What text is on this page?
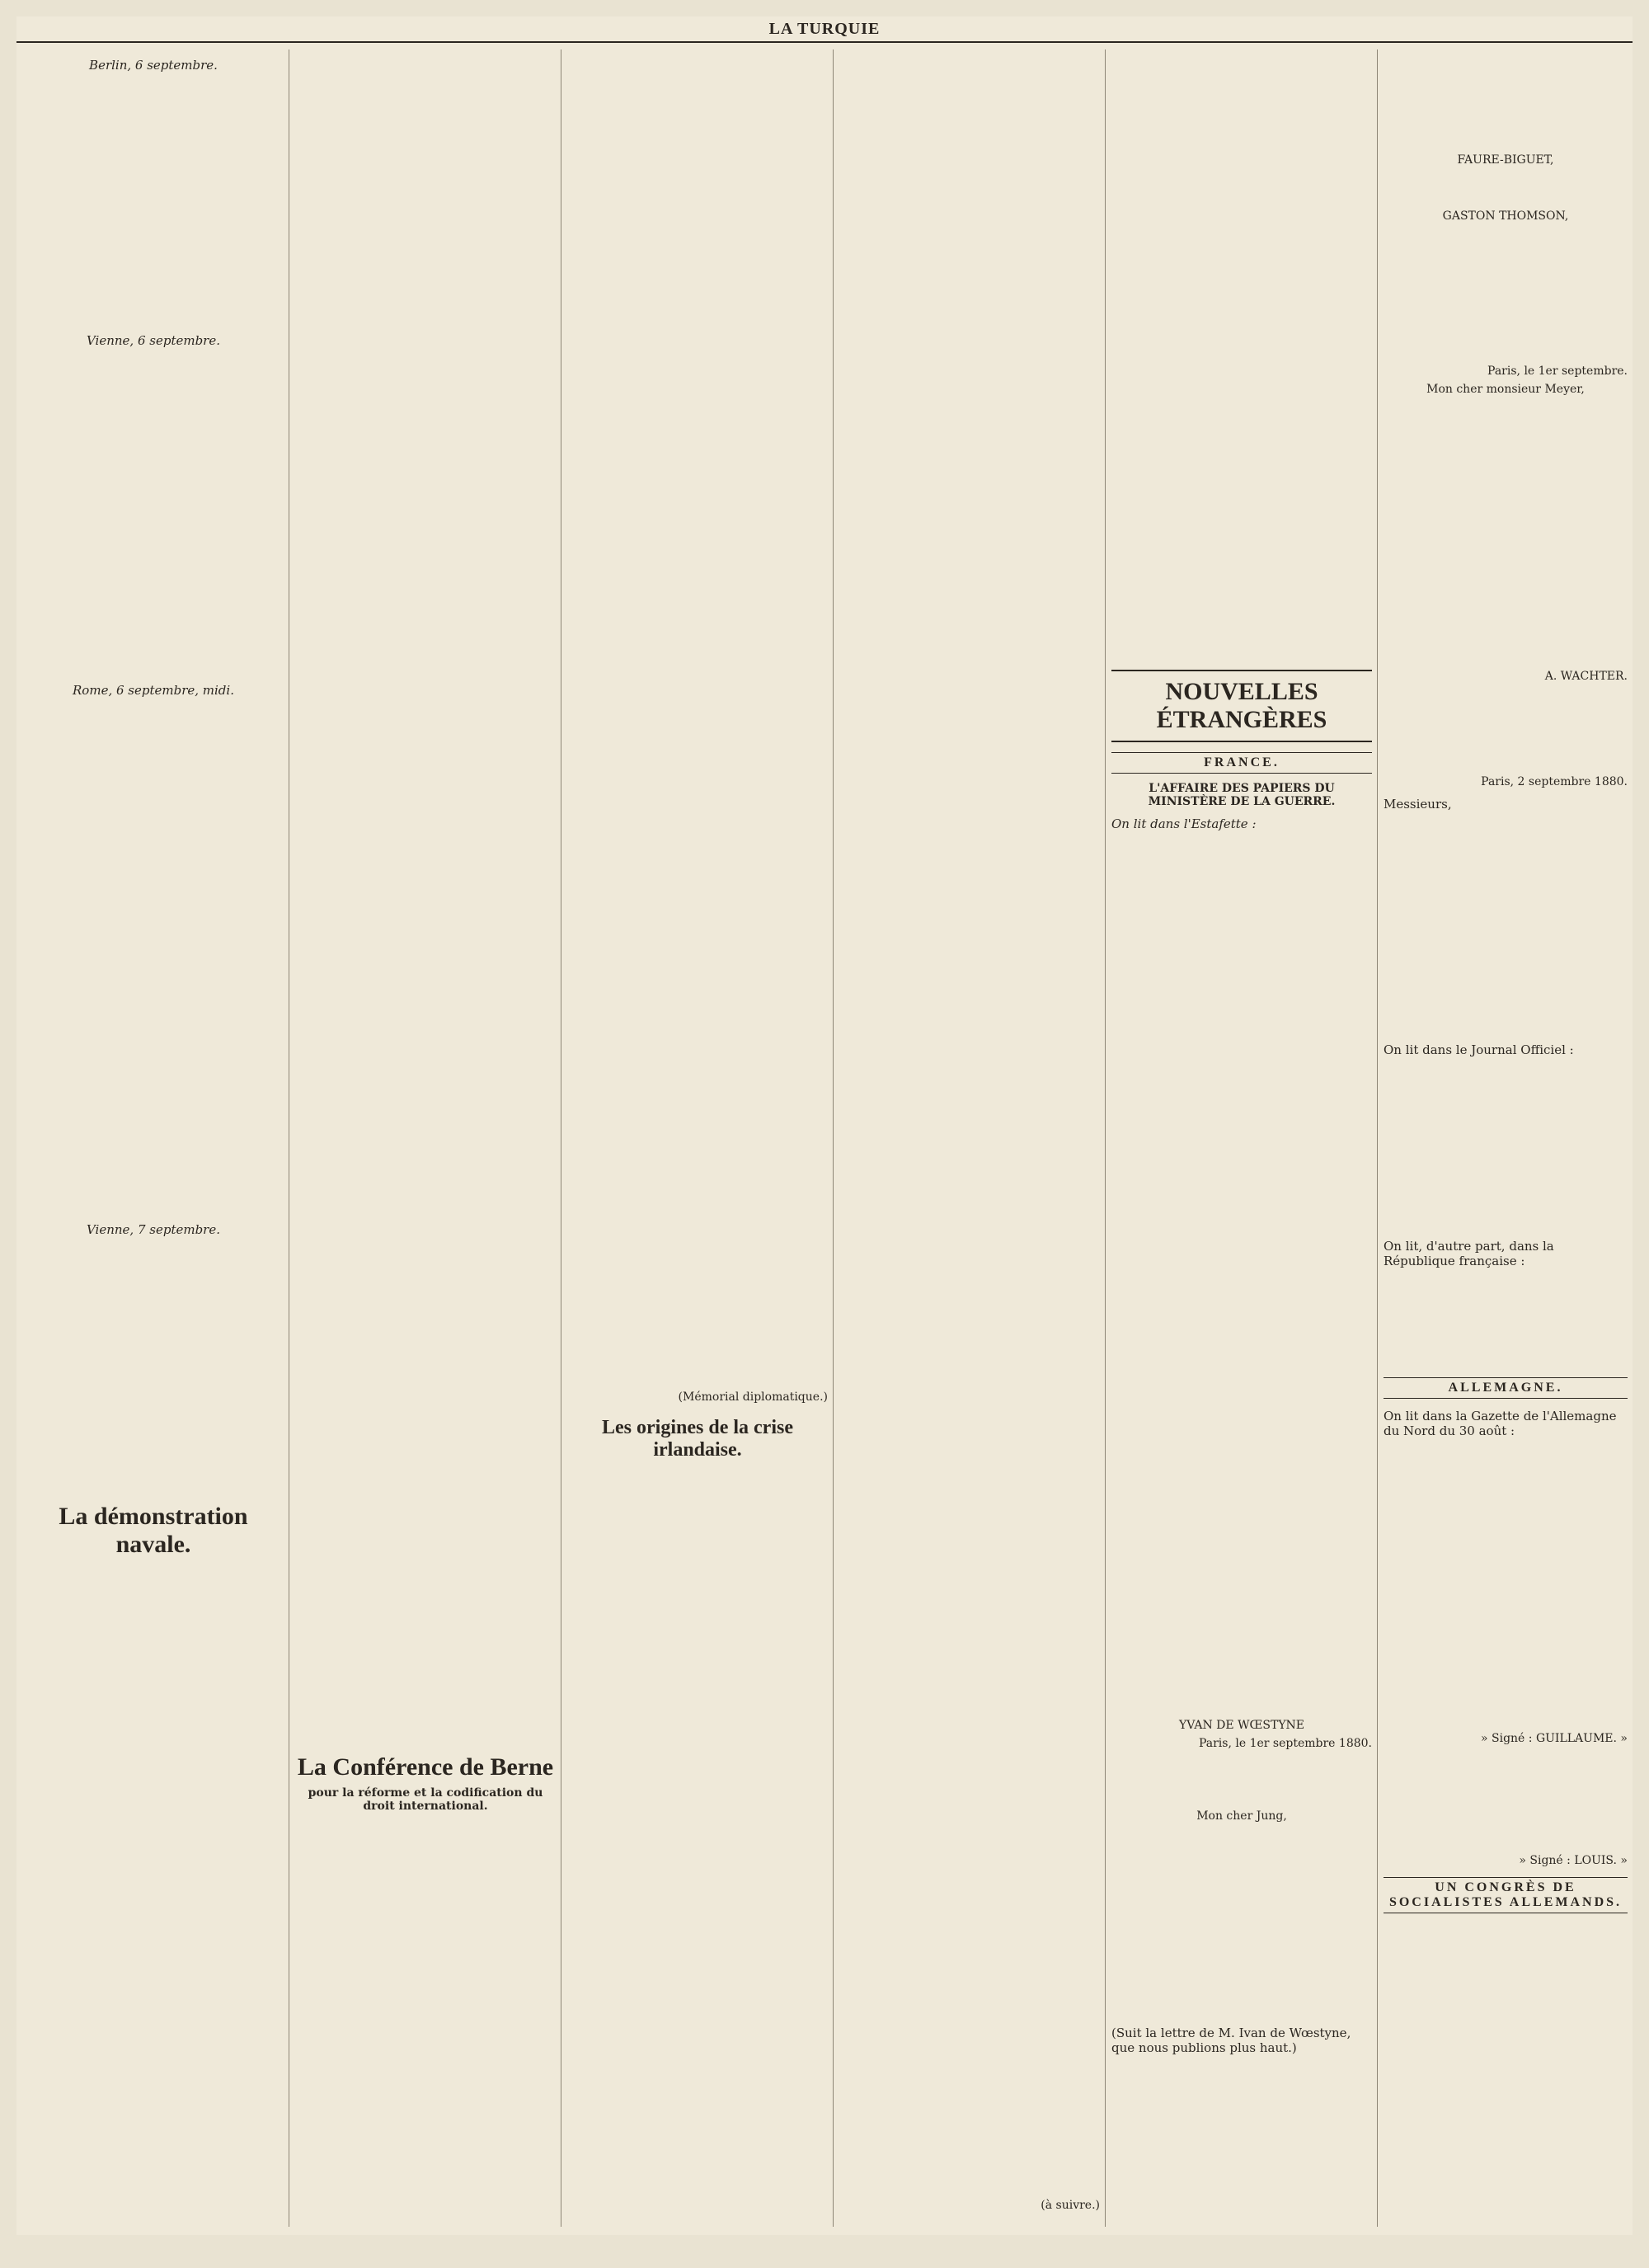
LA TURQUIE
Berlin, 6 septembre.
Vienne, 6 septembre.
Rome, 6 septembre, midi.
Vienne, 7 septembre.
La démonstration navale.
La Conférence de Berne
pour la réforme et la codification du droit international.
(Mémorial diplomatique.)
Les origines de la crise irlandaise.
(à suivre.)
NOUVELLES ÉTRANGÈRES
FRANCE.
L'AFFAIRE DES PAPIERS DU MINISTÈRE DE LA GUERRE.
On lit dans l'Estafette :
YVAN DE WŒSTYNE
Paris, le 1er septembre 1880.
Mon cher Jung,
(Suit la lettre de M. Ivan de Wœstyne, que nous publions plus haut.)
FAURE-BIGUET,
GASTON THOMSON,
Paris, le 1er septembre.
Mon cher monsieur Meyer,
A. WACHTER.
Paris, 2 septembre 1880.
Messieurs,
On lit dans le Journal Officiel :
On lit, d'autre part, dans la République française :
ALLEMAGNE.
On lit dans la Gazette de l'Allemagne du Nord du 30 août :
» Signé : GUILLAUME. »
» Signé : LOUIS. »
UN CONGRÈS DE SOCIALISTES ALLEMANDS.
